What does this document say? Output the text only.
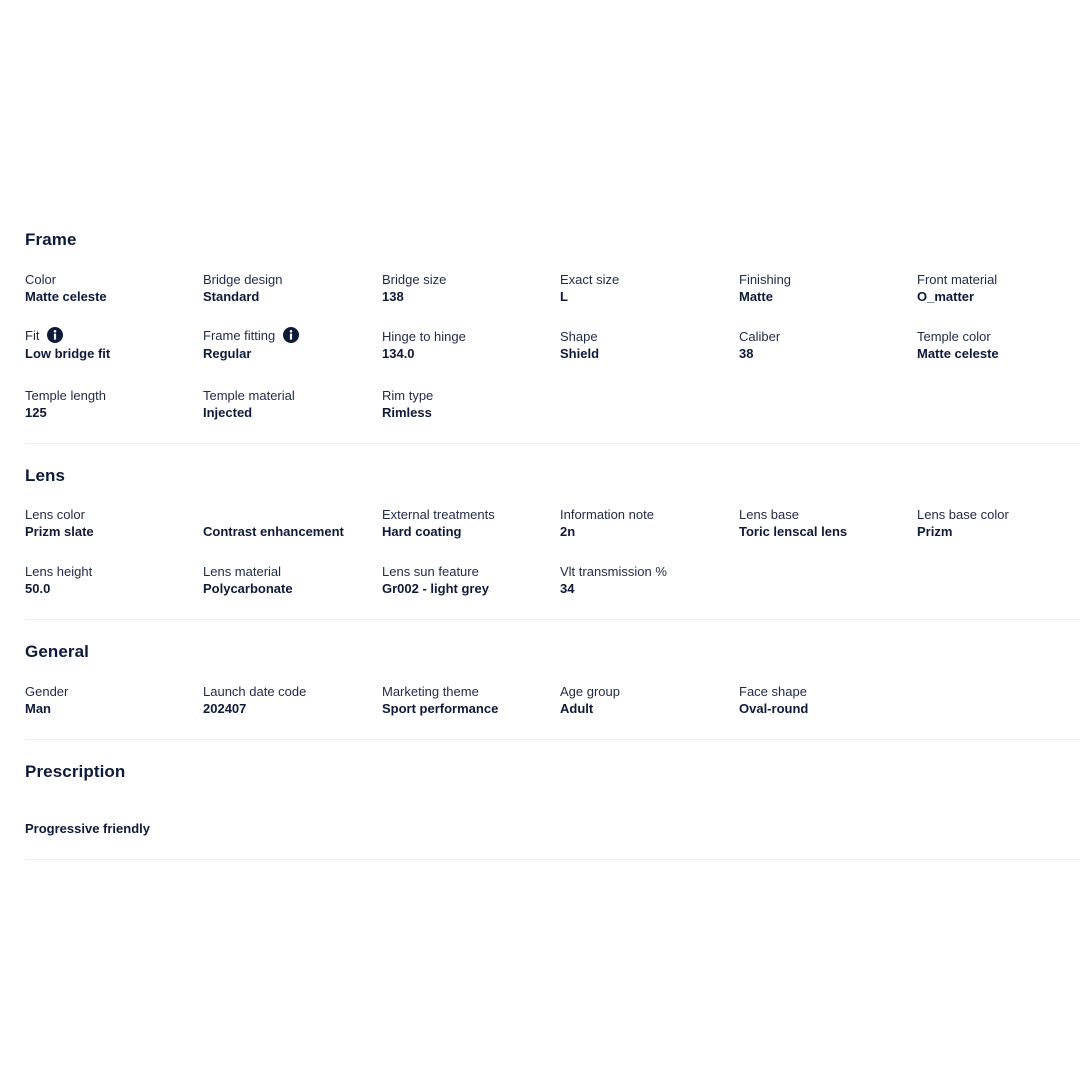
Frame
Color
Matte celeste
Bridge design
Standard
Bridge size
138
Exact size
L
Finishing
Matte
Front material
O_matter
Fit
Low bridge fit
Frame fitting
Regular
Hinge to hinge
134.0
Shape
Shield
Caliber
38
Temple color
Matte celeste
Temple length
125
Temple material
Injected
Rim type
Rimless
Lens
Lens color
Prizm slate	Contrast enhancement
External treatments
Hard coating
Information note
2n
Lens base
Toric lenscal lens
Lens base color
Prizm
Lens height
50.0
Lens material
Polycarbonate
Lens sun feature
Gr002 - light grey
Vlt transmission %
34
General
Gender
Man
Launch date code
202407
Marketing theme
Sport performance
Age group
Adult
Face shape
Oval-round
Prescription
Progressive friendly
